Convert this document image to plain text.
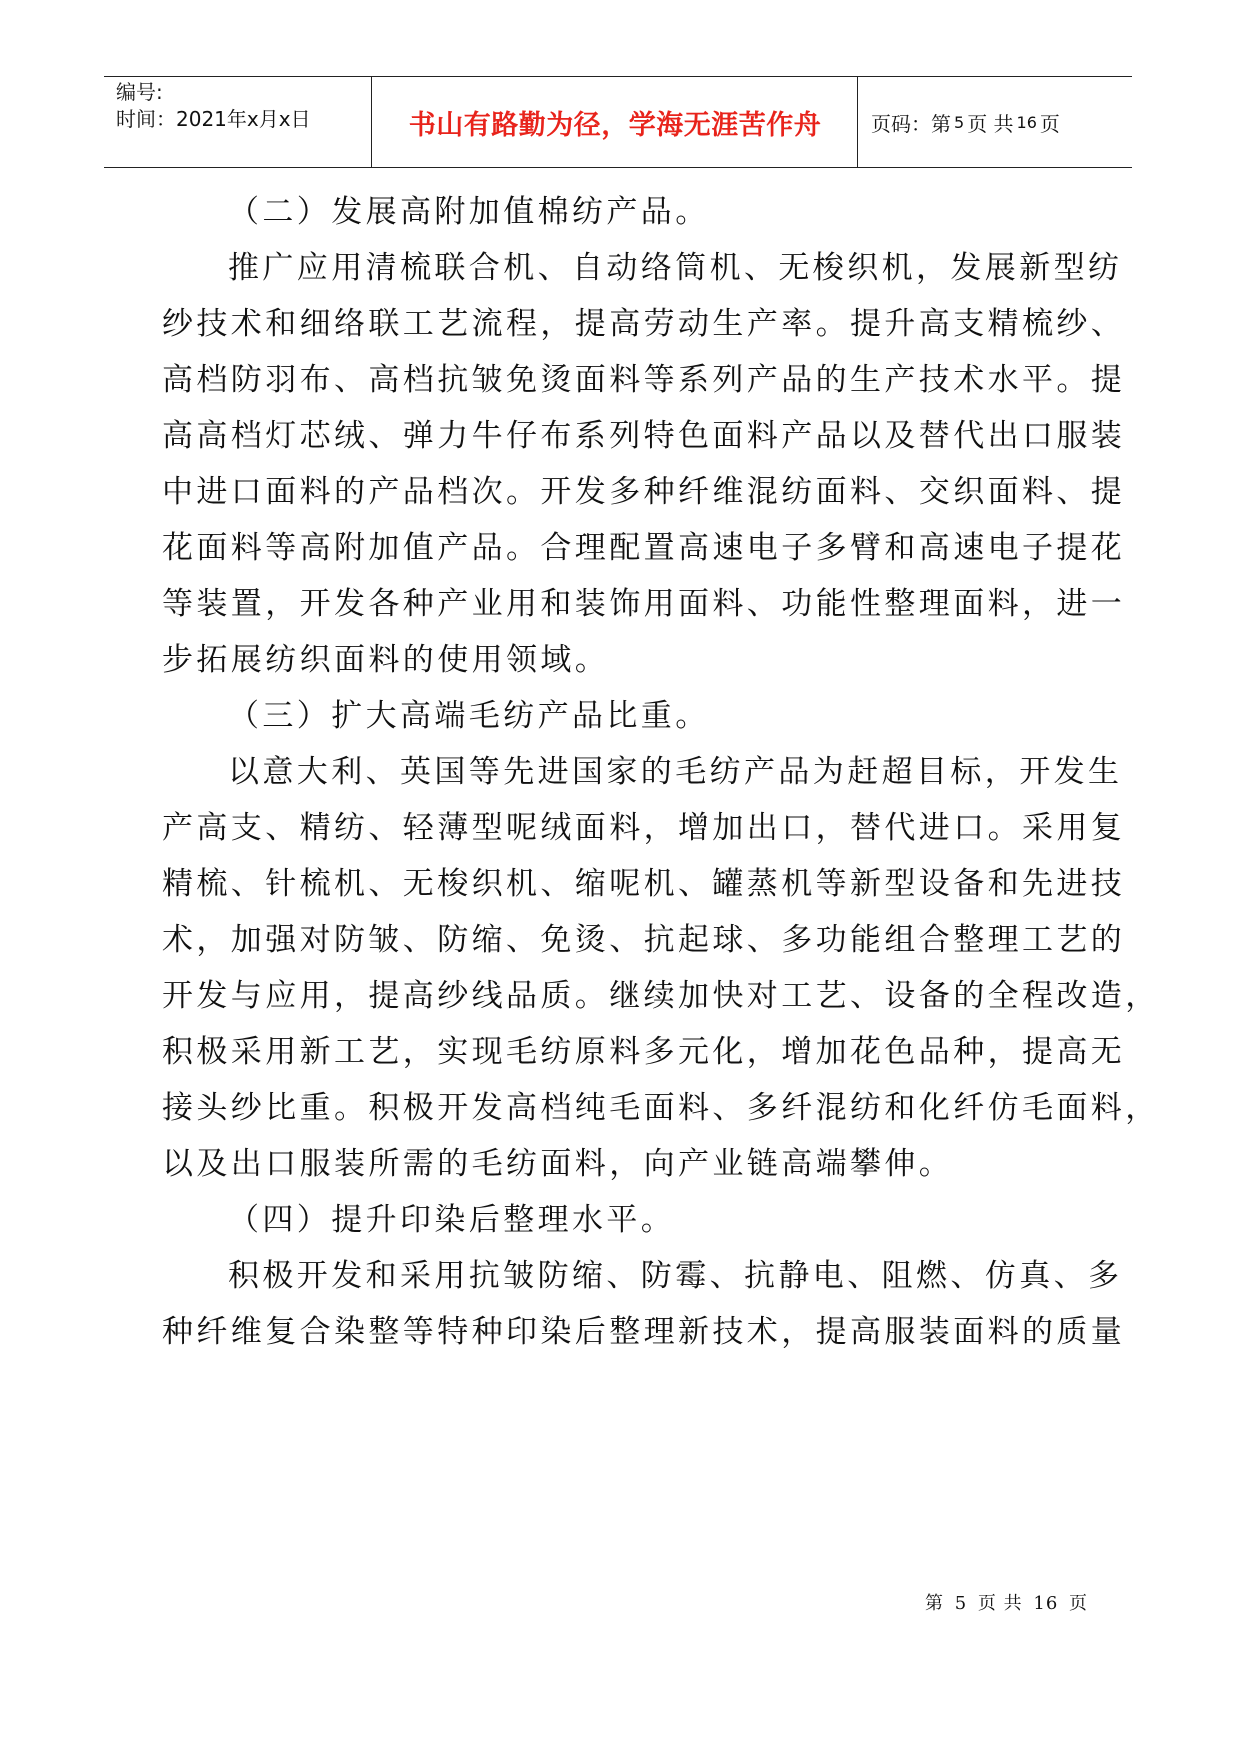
编号:
时间：2021年x月x日	书山有路勤为径，学海无涯苦作舟	页码：第 5 页 共 16 页
（二）发展高附加值棉纺产品。
推广应用清梳联合机、自动络筒机、无梭织机，发展新型纺
纱技术和细络联工艺流程，提高劳动生产率。提升高支精梳纱、
高档防羽布、高档抗皱免烫面料等系列产品的生产技术水平。提
高高档灯芯绒、弹力牛仔布系列特色面料产品以及替代出口服装
中进口面料的产品档次。开发多种纤维混纺面料、交织面料、提
花面料等高附加值产品。合理配置高速电子多臂和高速电子提花
等装置，开发各种产业用和装饰用面料、功能性整理面料，进一
步拓展纺织面料的使用领域。
（三）扩大高端毛纺产品比重。
以意大利、英国等先进国家的毛纺产品为赶超目标，开发生
产高支、精纺、轻薄型呢绒面料，增加出口，替代进口。采用复
精梳、针梳机、无梭织机、缩呢机、罐蒸机等新型设备和先进技
术，加强对防皱、防缩、免烫、抗起球、多功能组合整理工艺的
开发与应用，提高纱线品质。继续加快对工艺、设备的全程改造，
积极采用新工艺，实现毛纺原料多元化，增加花色品种，提高无
接头纱比重。积极开发高档纯毛面料、多纤混纺和化纤仿毛面料，
以及出口服装所需的毛纺面料，向产业链高端攀伸。
（四）提升印染后整理水平。
积极开发和采用抗皱防缩、防霉、抗静电、阻燃、仿真、多
种纤维复合染整等特种印染后整理新技术，提高服装面料的质量
第 5 页 共 16 页
